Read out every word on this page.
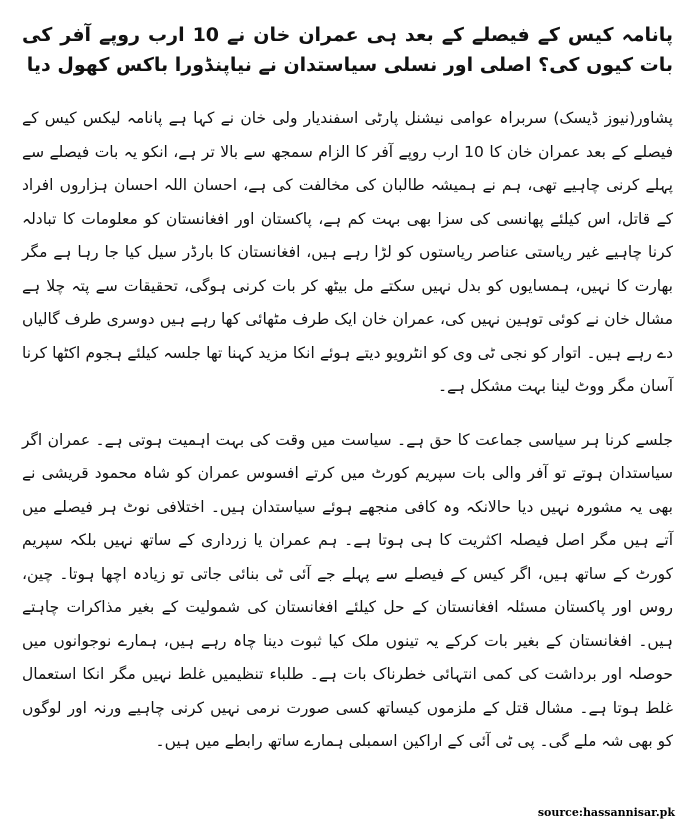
پانامہ کیس کے فیصلے کے بعد ہی عمران خان نے 10 ارب روپے آفر کی بات کیوں کی؟ اصلی اور نسلی سیاستدان نے نیاپنڈورا باکس کھول دیا

پشاور(نیوز ڈیسک) سربراہ عوامی نیشنل پارٹی اسفندیار ولی خان نے کہا ہے پانامہ لیکس کیس کے فیصلے کے بعد عمران خان کا 10 ارب روپے آفر کا الزام سمجھ سے بالا تر ہے، انکو یہ بات فیصلے سے پہلے کرنی چاہیے تھی، ہم نے ہمیشہ طالبان کی مخالفت کی ہے، احسان اللہ احسان ہزاروں افراد کے قاتل، اس کیلئے پھانسی کی سزا بھی بہت کم ہے، پاکستان اور افغانستان کو معلومات کا تبادلہ کرنا چاہیے غیر ریاستی عناصر ریاستوں کو لڑا رہے ہیں، افغانستان کا بارڈر سیل کیا جا رہا ہے مگر بھارت کا نہیں، ہمسایوں کو بدل نہیں سکتے مل بیٹھ کر بات کرنی ہوگی، تحقیقات سے پتہ چلا ہے مشال خان نے کوئی توہین نہیں کی، عمران خان ایک طرف مٹھائی کھا رہے ہیں دوسری طرف گالیاں دے رہے ہیں۔ اتوار کو نجی ٹی وی کو انٹرویو دیتے ہوئے انکا مزید کہنا تھا جلسہ کیلئے ہجوم اکٹھا کرنا آسان مگر ووٹ لینا بہت مشکل ہے۔

جلسے کرنا ہر سیاسی جماعت کا حق ہے۔ سیاست میں وقت کی بہت اہمیت ہوتی ہے۔ عمران اگر سیاستدان ہوتے تو آفر والی بات سپریم کورٹ میں کرتے افسوس عمران کو شاہ محمود قریشی نے بھی یہ مشورہ نہیں دیا حالانکہ وہ کافی منجھے ہوئے سیاستدان ہیں۔ اختلافی نوٹ ہر فیصلے میں آتے ہیں مگر اصل فیصلہ اکثریت کا ہی ہوتا ہے۔ ہم عمران یا زرداری کے ساتھ نہیں بلکہ سپریم کورٹ کے ساتھ ہیں، اگر کیس کے فیصلے سے پہلے جے آئی ٹی بنائی جاتی تو زیادہ اچھا ہوتا۔ چین، روس اور پاکستان مسئلہ افغانستان کے حل کیلئے افغانستان کی شمولیت کے بغیر مذاکرات چاہتے ہیں۔ افغانستان کے بغیر بات کرکے یہ تینوں ملک کیا ثبوت دینا چاہ رہے ہیں، ہمارے نوجوانوں میں حوصلہ اور برداشت کی کمی انتہائی خطرناک بات ہے۔ طلباء تنظیمیں غلط نہیں مگر انکا استعمال غلط ہوتا ہے۔ مشال قتل کے ملزموں کیساتھ کسی صورت نرمی نہیں کرنی چاہیے ورنہ اور لوگوں کو بھی شہ ملے گی۔ پی ٹی آئی کے اراکین اسمبلی ہمارے ساتھ رابطے میں ہیں۔

source:hassannisar.pk
